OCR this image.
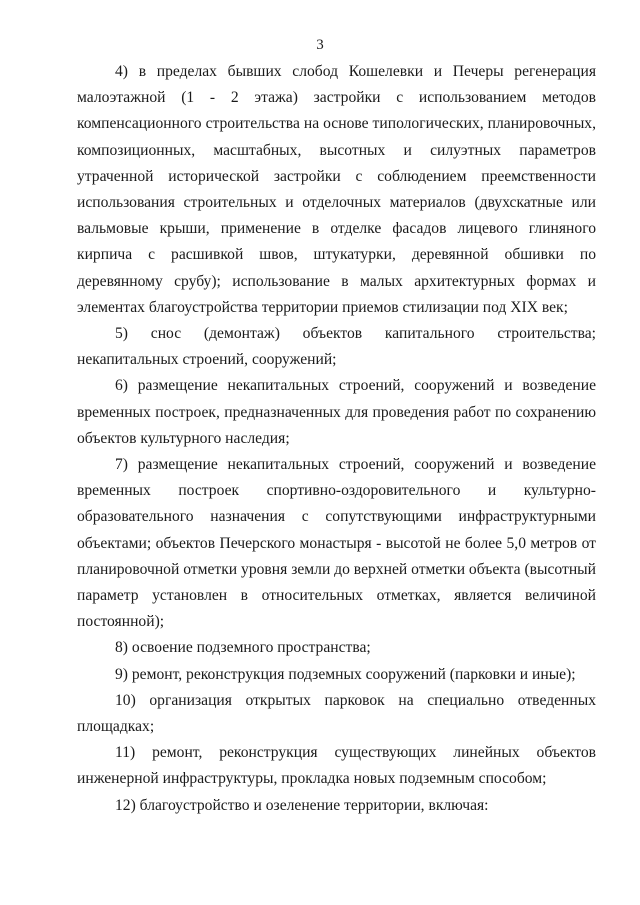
3

4) в пределах бывших слобод Кошелевки и Печеры регенерация малоэтажной (1 - 2 этажа) застройки с использованием методов компенсационного строительства на основе типологических, планировочных, композиционных, масштабных, высотных и силуэтных параметров утраченной исторической застройки с соблюдением преемственности использования строительных и отделочных материалов (двухскатные или вальмовые крыши, применение в отделке фасадов лицевого глиняного кирпича с расшивкой швов, штукатурки, деревянной обшивки по деревянному срубу); использование в малых архитектурных формах и элементах благоустройства территории приемов стилизации под XIX век;

5) снос (демонтаж) объектов капитального строительства; некапитальных строений, сооружений;

6) размещение некапитальных строений, сооружений и возведение временных построек, предназначенных для проведения работ по сохранению объектов культурного наследия;

7) размещение некапитальных строений, сооружений и возведение временных построек спортивно-оздоровительного и культурно-образовательного назначения с сопутствующими инфраструктурными объектами; объектов Печерского монастыря - высотой не более 5,0 метров от планировочной отметки уровня земли до верхней отметки объекта (высотный параметр установлен в относительных отметках, является величиной постоянной);

8) освоение подземного пространства;

9) ремонт, реконструкция подземных сооружений (парковки и иные);

10) организация открытых парковок на специально отведенных площадках;

11) ремонт, реконструкция существующих линейных объектов инженерной инфраструктуры, прокладка новых подземным способом;

12) благоустройство и озеленение территории, включая:
